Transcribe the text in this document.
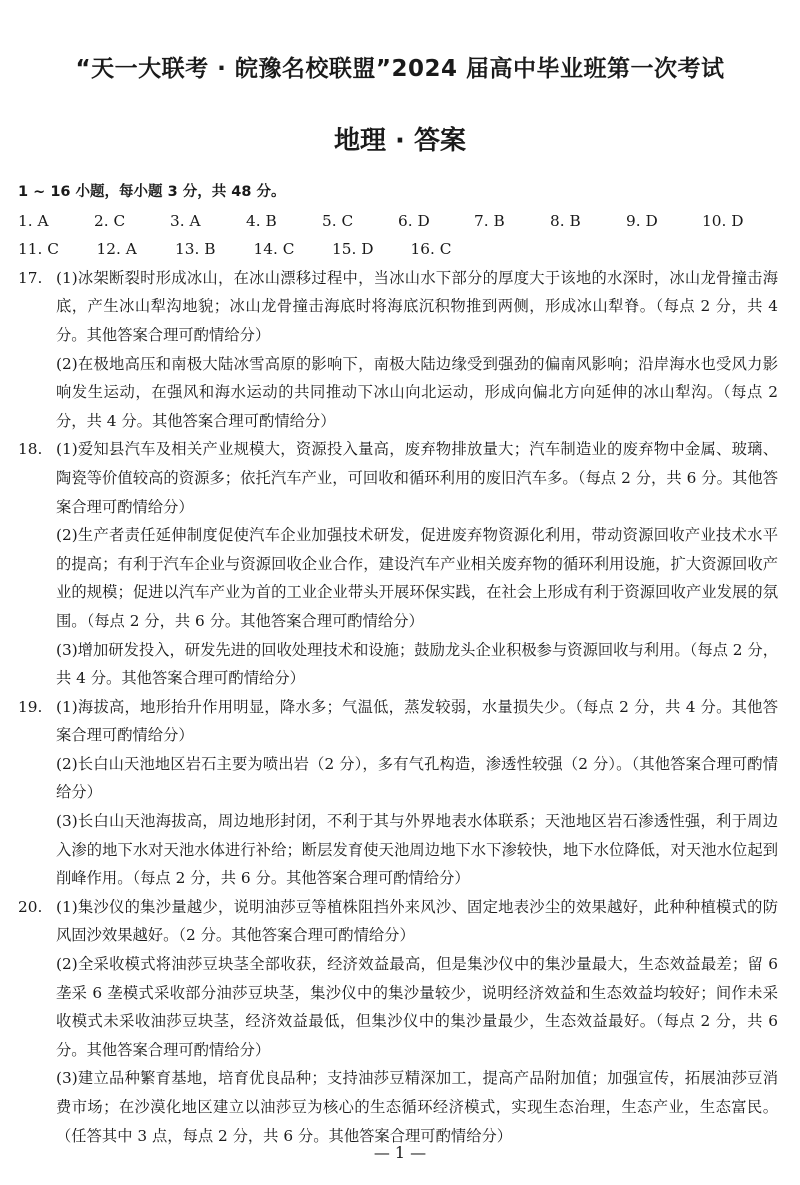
“天一大联考 · 皖豫名校联盟”2024 届高中毕业班第一次考试
地理 · 答案
1 ~ 16 小题，每小题 3 分，共 48 分。
1. A	2. C	3. A	4. B	5. C	6. D	7. B	8. B	9. D	10. D
11. C	12. A	13. B	14. C	15. D	16. C
17. (1)冰架断裂时形成冰山，在冰山漂移过程中，当冰山水下部分的厚度大于该地的水深时，冰山龙骨撞击海底，产生冰山犁沟地貌；冰山龙骨撞击海底时将海底沉积物推到两侧，形成冰山犁脊。（每点 2 分，共 4 分。其他答案合理可酌情给分）

(2)在极地高压和南极大陆冰雪高原的影响下，南极大陆边缘受到强劲的偏南风影响；沿岸海水也受风力影响发生运动，在强风和海水运动的共同推动下冰山向北运动，形成向偏北方向延伸的冰山犁沟。（每点 2 分，共 4 分。其他答案合理可酌情给分）

18. (1)爱知县汽车及相关产业规模大，资源投入量高，废弃物排放量大；汽车制造业的废弃物中金属、玻璃、陶瓷等价值较高的资源多；依托汽车产业，可回收和循环利用的废旧汽车多。（每点 2 分，共 6 分。其他答案合理可酌情给分）

(2)生产者责任延伸制度促使汽车企业加强技术研发，促进废弃物资源化利用，带动资源回收产业技术水平的提高；有利于汽车企业与资源回收企业合作，建设汽车产业相关废弃物的循环利用设施，扩大资源回收产业的规模；促进以汽车产业为首的工业企业带头开展环保实践，在社会上形成有利于资源回收产业发展的氛围。（每点 2 分，共 6 分。其他答案合理可酌情给分）

(3)增加研发投入，研发先进的回收处理技术和设施；鼓励龙头企业积极参与资源回收与利用。（每点 2 分，共 4 分。其他答案合理可酌情给分）

19. (1)海拔高，地形抬升作用明显，降水多；气温低，蒸发较弱，水量损失少。（每点 2 分，共 4 分。其他答案合理可酌情给分）

(2)长白山天池地区岩石主要为喷出岩（2 分），多有气孔构造，渗透性较强（2 分）。（其他答案合理可酌情给分）

(3)长白山天池海拔高，周边地形封闭，不利于其与外界地表水体联系；天池地区岩石渗透性强，利于周边入渗的地下水对天池水体进行补给；断层发育使天池周边地下水下渗较快，地下水位降低，对天池水位起到削峰作用。（每点 2 分，共 6 分。其他答案合理可酌情给分）

20. (1)集沙仪的集沙量越少，说明油莎豆等植株阻挡外来风沙、固定地表沙尘的效果越好，此种种植模式的防风固沙效果越好。（2 分。其他答案合理可酌情给分）

(2)全采收模式将油莎豆块茎全部收获，经济效益最高，但是集沙仪中的集沙量最大，生态效益最差；留 6 垄采 6 垄模式采收部分油莎豆块茎，集沙仪中的集沙量较少，说明经济效益和生态效益均较好；间作未采收模式未采收油莎豆块茎，经济效益最低，但集沙仪中的集沙量最少，生态效益最好。（每点 2 分，共 6 分。其他答案合理可酌情给分）

(3)建立品种繁育基地，培育优良品种；支持油莎豆精深加工，提高产品附加值；加强宣传，拓展油莎豆消费市场；在沙漠化地区建立以油莎豆为核心的生态循环经济模式，实现生态治理，生态产业，生态富民。（任答其中 3 点，每点 2 分，共 6 分。其他答案合理可酌情给分）

— 1 —
